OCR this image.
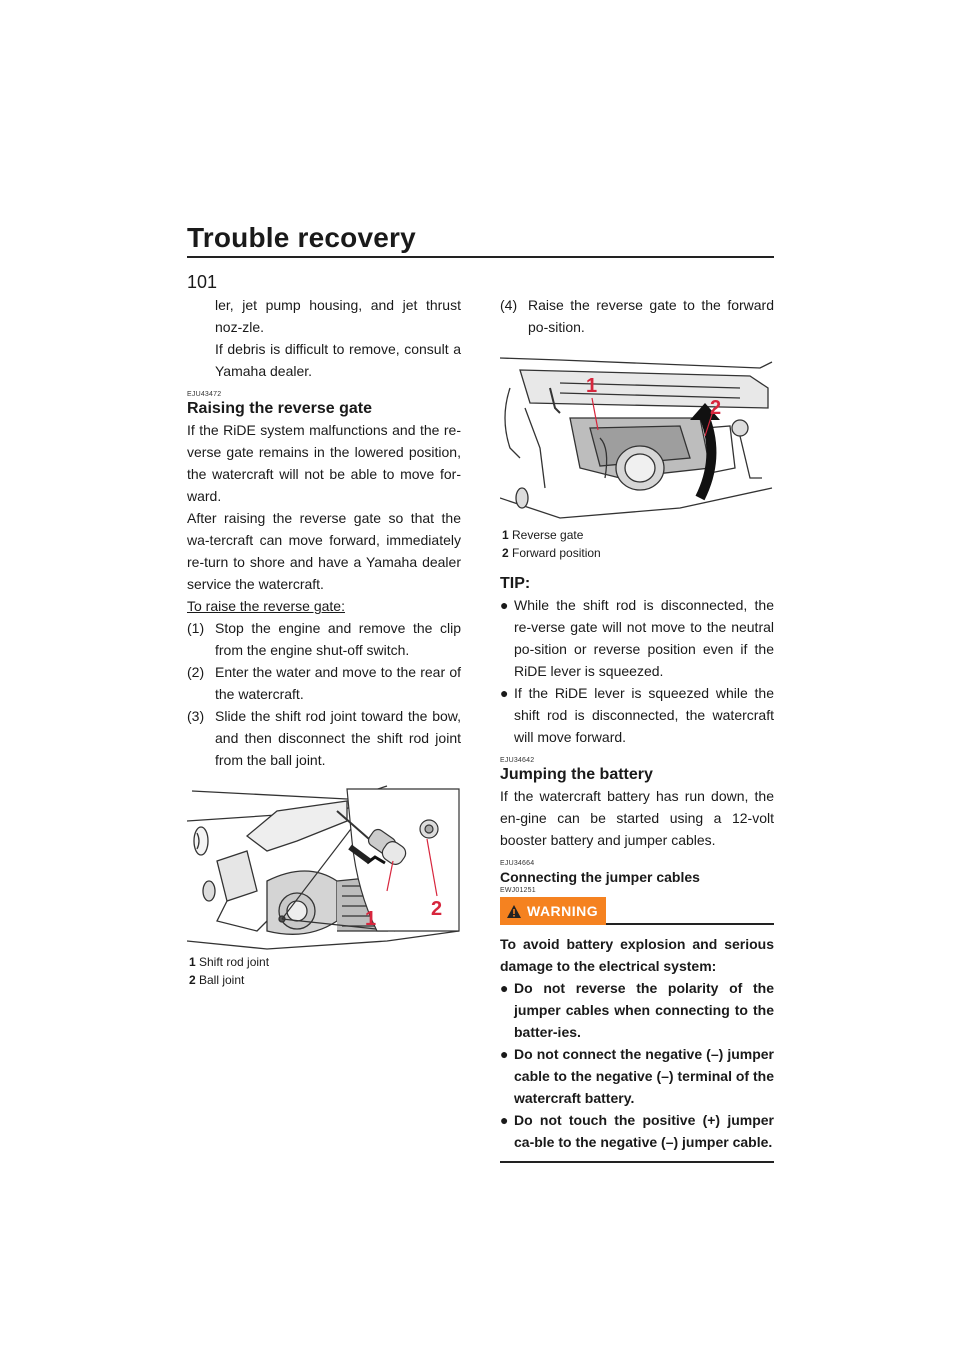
Trouble recovery
101

ler, jet pump housing, and jet thrust noz-zle.

If debris is difficult to remove, consult a Yamaha dealer.

EJU43472
Raising the reverse gate

If the RiDE system malfunctions and the re-verse gate remains in the lowered position, the watercraft will not be able to move for-ward.

After raising the reverse gate so that the wa-tercraft can move forward, immediately re-turn to shore and have a Yamaha dealer service the watercraft.

To raise the reverse gate:

(1) Stop the engine and remove the clip from the engine shut-off switch.
(2) Enter the water and move to the rear of the watercraft.
(3) Slide the shift rod joint toward the bow, and then disconnect the shift rod joint from the ball joint.
1	2
1 Shift rod joint
2 Ball joint
(4) Raise the reverse gate to the forward po-sition.
1
2
1 Reverse gate
2 Forward position
TIP:
● While the shift rod is disconnected, the re-verse gate will not move to the neutral po-sition or reverse position even if the RiDE lever is squeezed.
● If the RiDE lever is squeezed while the shift rod is disconnected, the watercraft will move forward.
EJU34642
Jumping the battery

If the watercraft battery has run down, the en-gine can be started using a 12-volt booster battery and jumper cables.

EJU34664
Connecting the jumper cables
EWJ01251
WARNING

To avoid battery explosion and serious damage to the electrical system:

● Do not reverse the polarity of the jumper cables when connecting to the batter-ies.
● Do not connect the negative (–) jumper cable to the negative (–) terminal of the watercraft battery.
● Do not touch the positive (+) jumper ca-ble to the negative (–) jumper cable.
